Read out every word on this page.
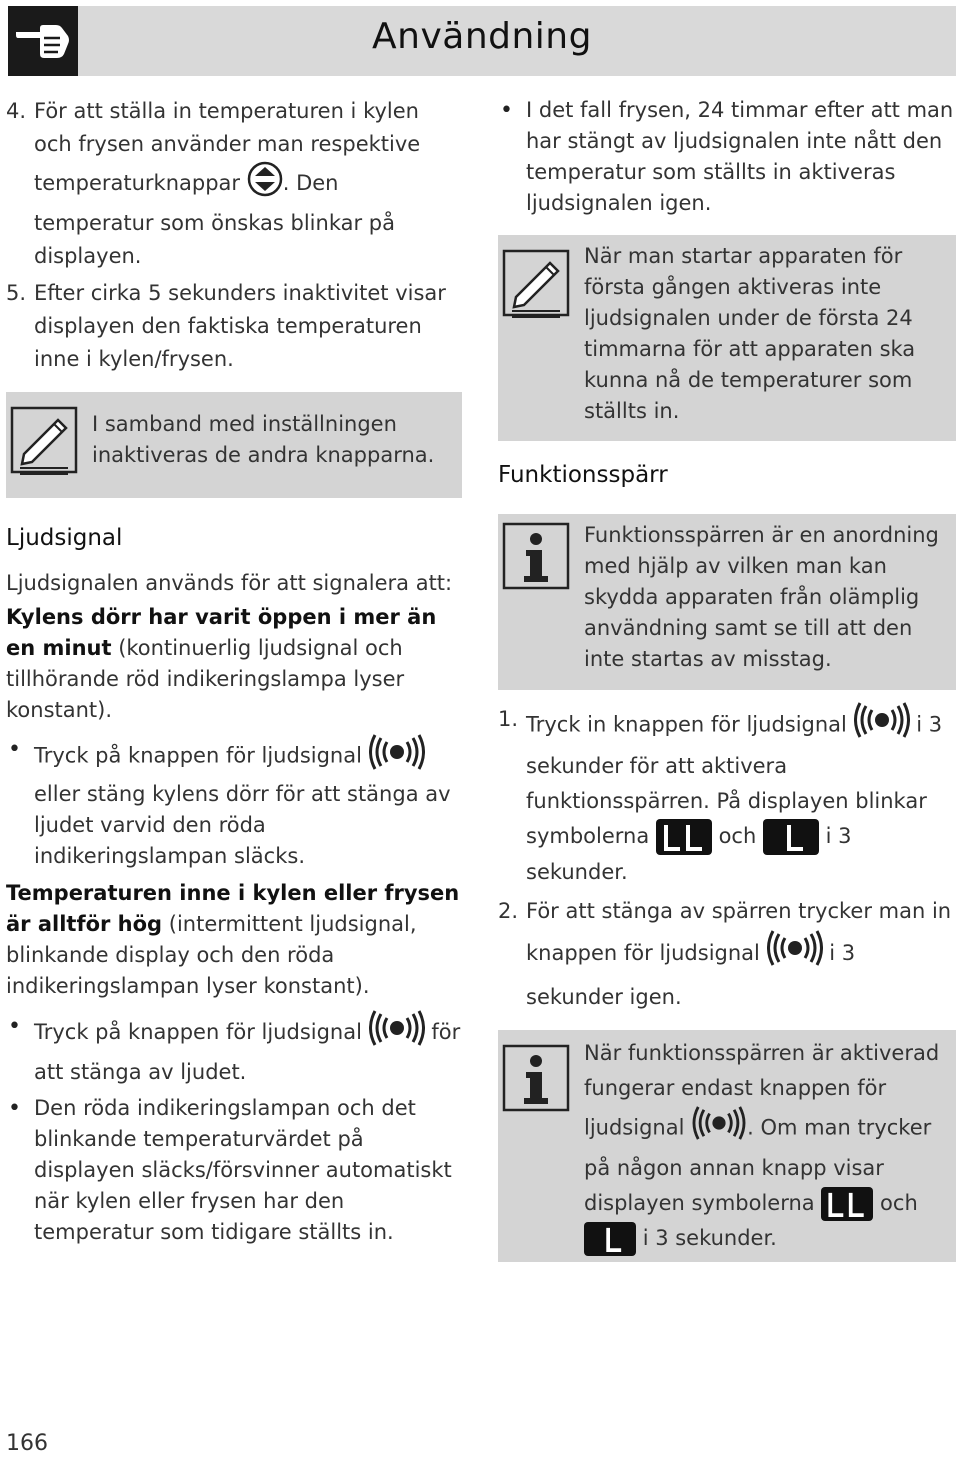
Användning
4. För att ställa in temperaturen i kylen och frysen använder man respektive temperaturknappar . Den temperatur som önskas blinkar på displayen.
5. Efter cirka 5 sekunders inaktivitet visar displayen den faktiska temperaturen inne i kylen/frysen.
I samband med inställningen inaktiveras de andra knapparna.
Ljudsignal
Ljudsignalen används för att signalera att:
Kylens dörr har varit öppen i mer än en minut (kontinuerlig ljudsignal och tillhörande röd indikeringslampa lyser konstant).
• Tryck på knappen för ljudsignal  eller stäng kylens dörr för att stänga av ljudet varvid den röda indikeringslampan släcks.
Temperaturen inne i kylen eller frysen är alltför hög (intermittent ljudsignal, blinkande display och den röda indikeringslampan lyser konstant).
• Tryck på knappen för ljudsignal	för att stänga av ljudet.
• Den röda indikeringslampan och det blinkande temperaturvärdet på displayen släcks/försvinner automatiskt när kylen eller frysen har den temperatur som tidigare ställts in.
• I det fall frysen, 24 timmar efter att man har stängt av ljudsignalen inte nått den temperatur som ställts in aktiveras ljudsignalen igen.
När man startar apparaten för första gången aktiveras inte ljudsignalen under de första 24 timmarna för att apparaten ska kunna nå de temperaturer som ställts in.
Funktionsspärr
Funktionsspärren är en anordning med hjälp av vilken man kan skydda apparaten från olämplig användning samt se till att den inte startas av misstag.
1. Tryck in knappen för ljudsignal	i 3 sekunder för att aktivera funktionsspärren. På displayen blinkar symbolerna	och	i 3 sekunder.
2. För att stänga av spärren trycker man in knappen för ljudsignal	i 3 sekunder igen.
När funktionsspärren är aktiverad fungerar endast knappen för ljudsignal	. Om man trycker på någon annan knapp visar displayen symbolerna	och  i 3 sekunder.
166
